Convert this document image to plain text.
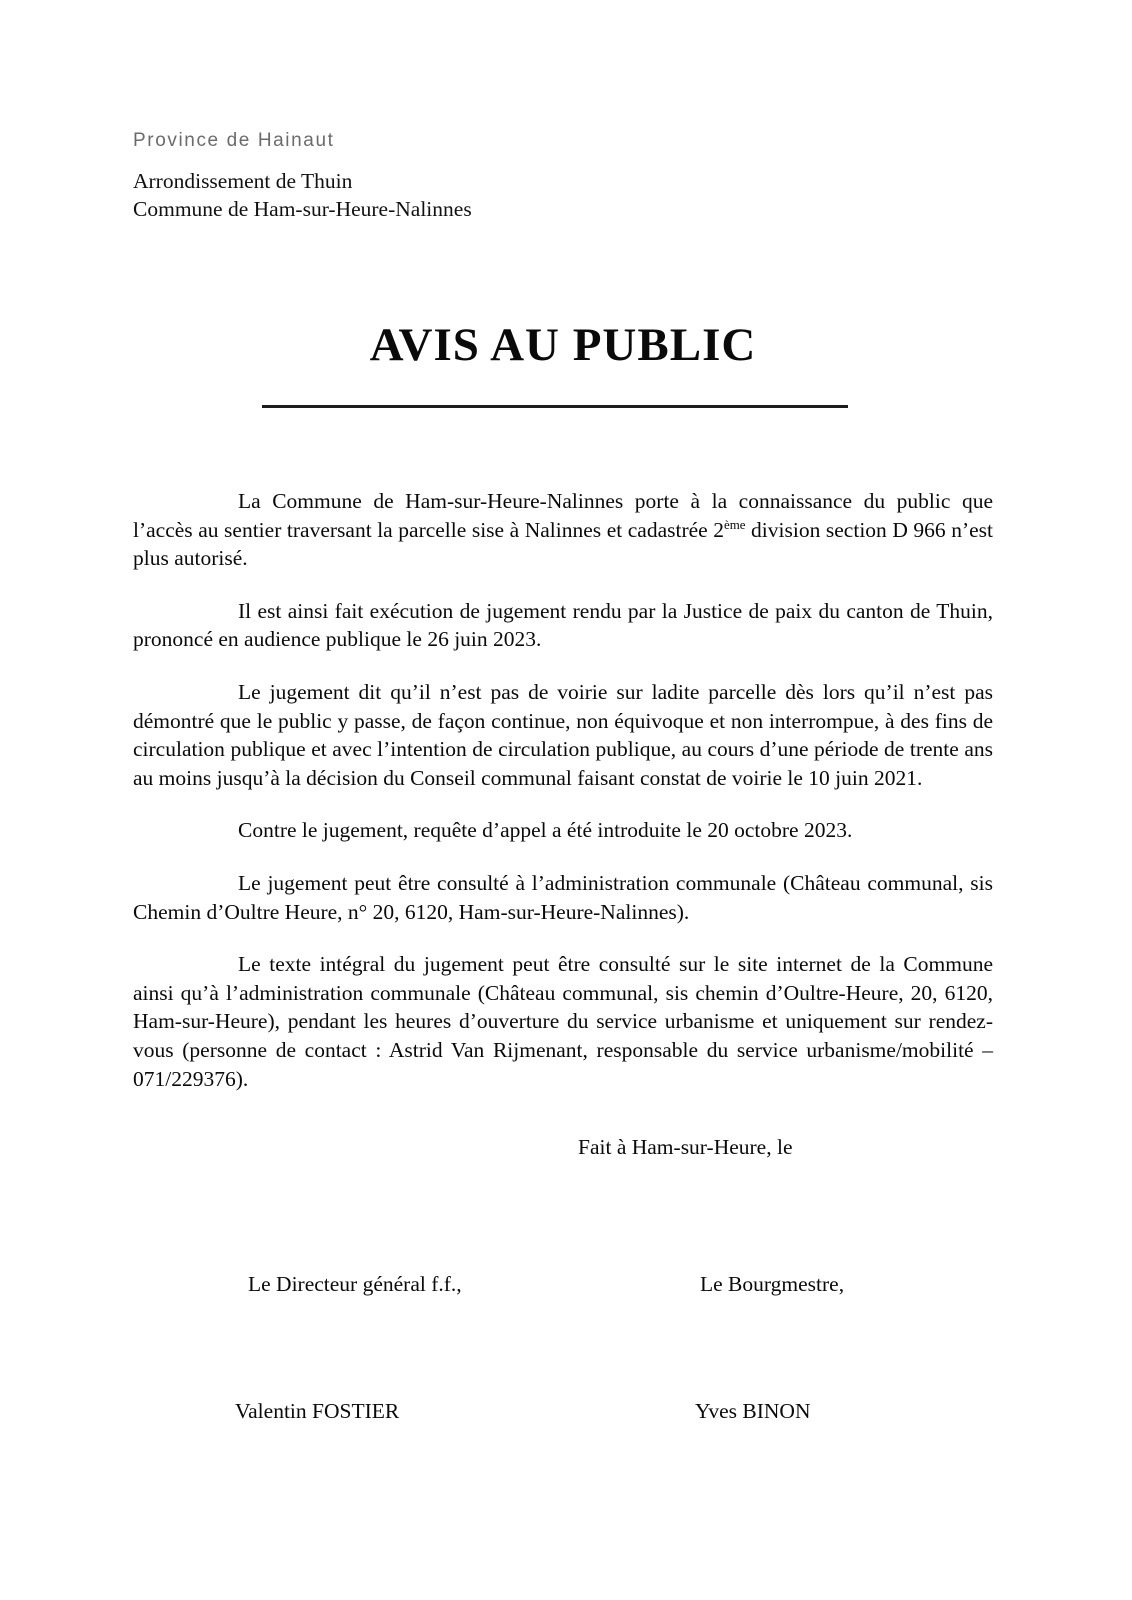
Province de Hainaut
Arrondissement de Thuin
Commune de Ham-sur-Heure-Nalinnes
AVIS AU PUBLIC

La Commune de Ham-sur-Heure-Nalinnes porte à la connaissance du public que l’accès au sentier traversant la parcelle sise à Nalinnes et cadastrée 2ème division section D 966 n’est plus autorisé.

Il est ainsi fait exécution de jugement rendu par la Justice de paix du canton de Thuin, prononcé en audience publique le 26 juin 2023.

Le jugement dit qu’il n’est pas de voirie sur ladite parcelle dès lors qu’il n’est pas démontré que le public y passe, de façon continue, non équivoque et non interrompue, à des fins de circulation publique et avec l’intention de circulation publique, au cours d’une période de trente ans au moins jusqu’à la décision du Conseil communal faisant constat de voirie le 10 juin 2021.

Contre le jugement, requête d’appel a été introduite le 20 octobre 2023.

Le jugement peut être consulté à l’administration communale (Château communal, sis Chemin d’Oultre Heure, n° 20, 6120, Ham-sur-Heure-Nalinnes).

Le texte intégral du jugement peut être consulté sur le site internet de la Commune ainsi qu’à l’administration communale (Château communal, sis chemin d’Oultre-Heure, 20, 6120, Ham-sur-Heure), pendant les heures d’ouverture du service urbanisme et uniquement sur rendez-vous (personne de contact : Astrid Van Rijmenant, responsable du service urbanisme/mobilité – 071/229376).

Fait à Ham-sur-Heure, le

Le Directeur général f.f.,	Le Bourgmestre,
Valentin FOSTIER	Yves BINON
